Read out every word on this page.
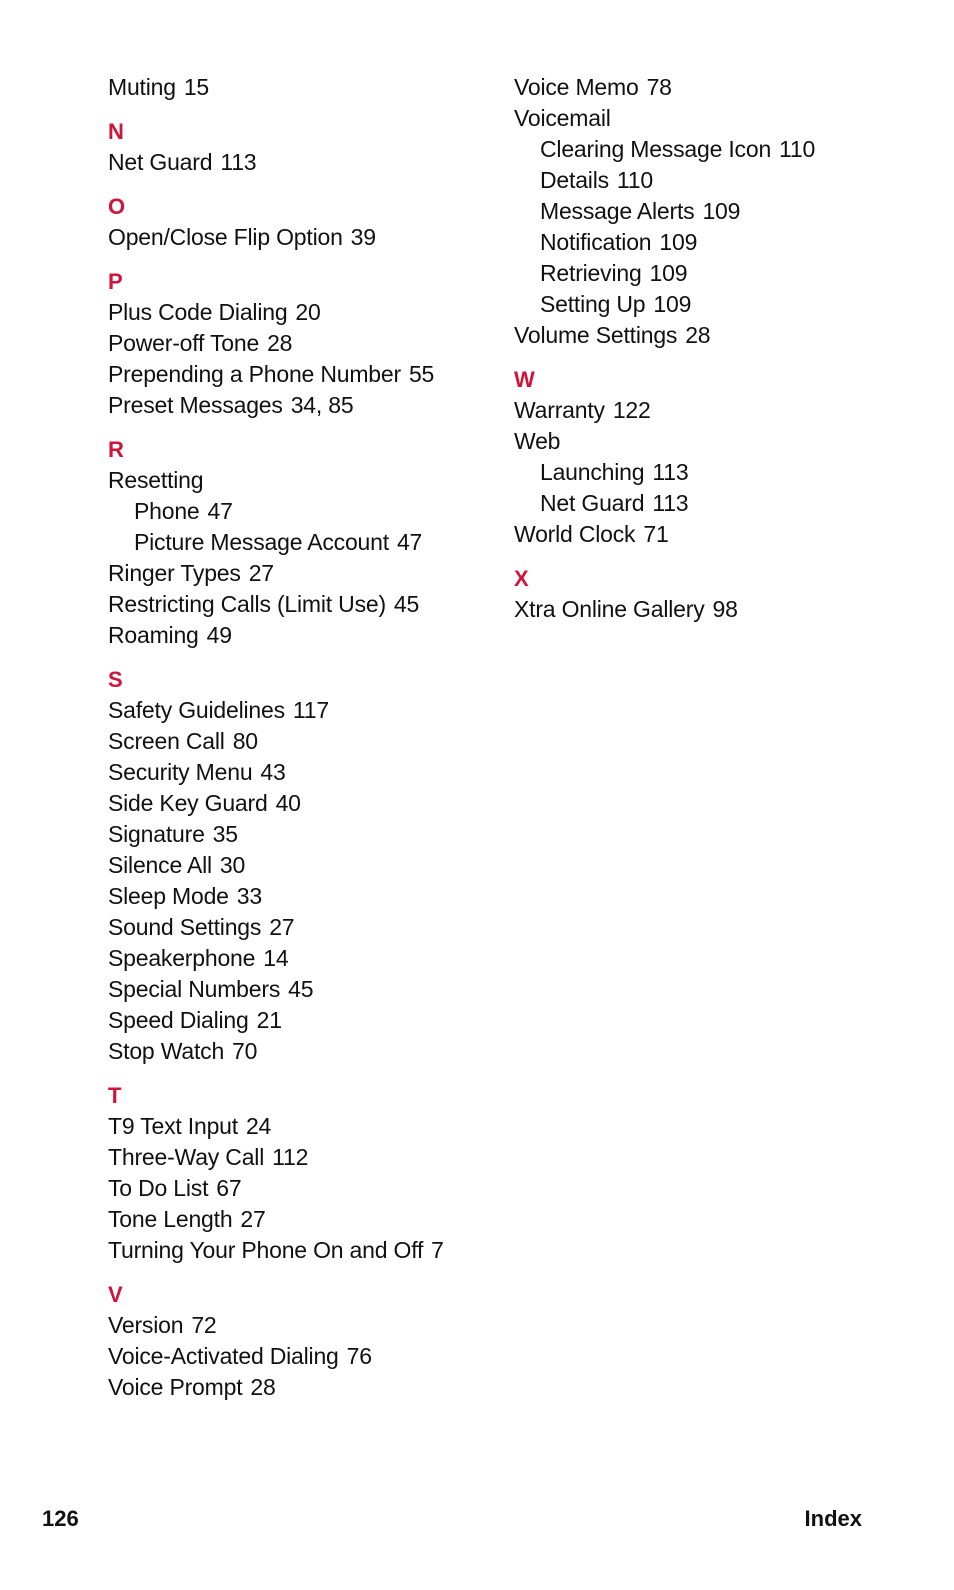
Muting 15
N
Net Guard 113
O
Open/Close Flip Option 39
P
Plus Code Dialing 20
Power-off Tone 28
Prepending a Phone Number 55
Preset Messages 34, 85
R
Resetting
Phone 47
Picture Message Account 47
Ringer Types 27
Restricting Calls (Limit Use) 45
Roaming 49
S
Safety Guidelines 117
Screen Call 80
Security Menu 43
Side Key Guard 40
Signature 35
Silence All 30
Sleep Mode 33
Sound Settings 27
Speakerphone 14
Special Numbers 45
Speed Dialing 21
Stop Watch 70
T
T9 Text Input 24
Three-Way Call 112
To Do List 67
Tone Length 27
Turning Your Phone On and Off 7
V
Version 72
Voice-Activated Dialing 76
Voice Prompt 28
Voice Memo 78
Voicemail
Clearing Message Icon 110
Details 110
Message Alerts 109
Notification 109
Retrieving 109
Setting Up 109
Volume Settings 28
W
Warranty 122
Web
Launching 113
Net Guard 113
World Clock 71
X
Xtra Online Gallery 98
126	Index
